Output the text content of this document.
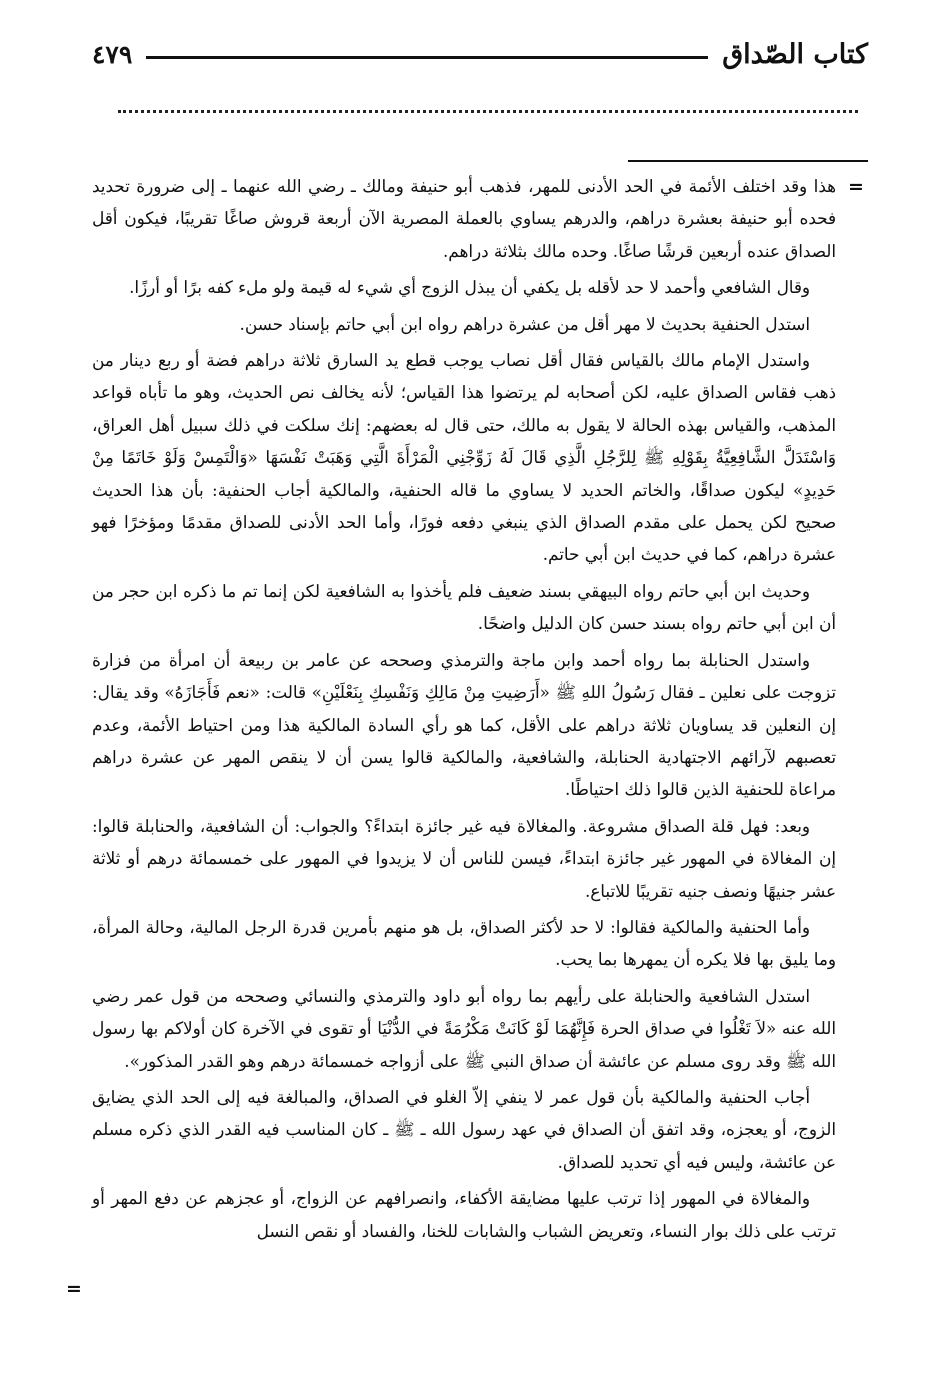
كتاب الصّداق
٤٧٩
=
=

هذا وقد اختلف الأئمة في الحد الأدنى للمهر، فذهب أبو حنيفة ومالك ـ رضي الله عنهما ـ إلى ضرورة تحديد فحده أبو حنيفة بعشرة دراهم، والدرهم يساوي بالعملة المصرية الآن أربعة قروش صاغًا تقريبًا، فيكون أقل الصداق عنده أربعين قرشًا صاغًا. وحده مالك بثلاثة دراهم.

وقال الشافعي وأحمد لا حد لأقله بل يكفي أن يبذل الزوج أي شيء له قيمة ولو ملء كفه برًا أو أرزًا.

استدل الحنفية بحديث لا مهر أقل من عشرة دراهم رواه ابن أبي حاتم بإسناد حسن.

واستدل الإمام مالك بالقياس فقال أقل نصاب يوجب قطع يد السارق ثلاثة دراهم فضة أو ربع دينار من ذهب فقاس الصداق عليه، لكن أصحابه لم يرتضوا هذا القياس؛ لأنه يخالف نص الحديث، وهو ما تأباه قواعد المذهب، والقياس بهذه الحالة لا يقول به مالك، حتى قال له بعضهم: إنك سلكت في ذلك سبيل أهل العراق، وَاسْتَدَلَّ الشَّافِعِيَّةُ بِقَوْلِهِ ﷺ لِلرَّجُلِ الَّذِي قَالَ لَهُ زَوِّجْنِي الْمَرْأَةَ الَّتِي وَهَبَتْ نَفْسَهَا «وَالْتَمِسْ وَلَوْ خَاتَمًا مِنْ حَدِيدٍ» ليكون صداقًا، والخاتم الحديد لا يساوي ما قاله الحنفية، والمالكية أجاب الحنفية: بأن هذا الحديث صحيح لكن يحمل على مقدم الصداق الذي ينبغي دفعه فورًا، وأما الحد الأدنى للصداق مقدمًا ومؤخرًا فهو عشرة دراهم، كما في حديث ابن أبي حاتم.

وحديث ابن أبي حاتم رواه البيهقي بسند ضعيف فلم يأخذوا به الشافعية لكن إنما تم ما ذكره ابن حجر من أن ابن أبي حاتم رواه بسند حسن كان الدليل واضحًا.

واستدل الحنابلة بما رواه أحمد وابن ماجة والترمذي وصححه عن عامر بن ربيعة أن امرأة من فزارة تزوجت على نعلين ـ فقال رَسُولُ اللهِ ﷺ «أَرَضِيتِ مِنْ مَالِكِ وَنَفْسِكِ بِنَعْلَيْنِ» قالت: «نعم فَأَجَازَهُ» وقد يقال: إن النعلين قد يساويان ثلاثة دراهم على الأقل، كما هو رأي السادة المالكية هذا ومن احتياط الأئمة، وعدم تعصبهم لآرائهم الاجتهادية الحنابلة، والشافعية، والمالكية قالوا يسن أن لا ينقص المهر عن عشرة دراهم مراعاة للحنفية الذين قالوا ذلك احتياطًا.

وبعد: فهل قلة الصداق مشروعة. والمغالاة فيه غير جائزة ابتداءً؟ والجواب: أن الشافعية، والحنابلة قالوا: إن المغالاة في المهور غير جائزة ابتداءً، فيسن للناس أن لا يزيدوا في المهور على خمسمائة درهم أو ثلاثة عشر جنيهًا ونصف جنيه تقريبًا للاتباع.

وأما الحنفية والمالكية فقالوا: لا حد لأكثر الصداق، بل هو منهم بأمرين قدرة الرجل المالية، وحالة المرأة، وما يليق بها فلا يكره أن يمهرها بما يحب.

استدل الشافعية والحنابلة على رأيهم بما رواه أبو داود والترمذي والنسائي وصححه من قول عمر رضي الله عنه «لاَ تَغْلُوا في صداق الحرة فَإِنَّهُمَا لَوْ كَانَتْ مَكْرُمَةً في الدُّنْيَا أو تقوى في الآخرة كان أولاكم بها رسول الله ﷺ وقد روى مسلم عن عائشة أن صداق النبي ﷺ على أزواجه خمسمائة درهم وهو القدر المذكور».

أجاب الحنفية والمالكية بأن قول عمر لا ينفي إلاّ الغلو في الصداق، والمبالغة فيه إلى الحد الذي يضايق الزوج، أو يعجزه، وقد اتفق أن الصداق في عهد رسول الله ـ ﷺ ـ كان المناسب فيه القدر الذي ذكره مسلم عن عائشة، وليس فيه أي تحديد للصداق.

والمغالاة في المهور إذا ترتب عليها مضايقة الأكفاء، وانصرافهم عن الزواج، أو عجزهم عن دفع المهر أو ترتب على ذلك بوار النساء، وتعريض الشباب والشابات للخنا، والفساد أو نقص النسل
